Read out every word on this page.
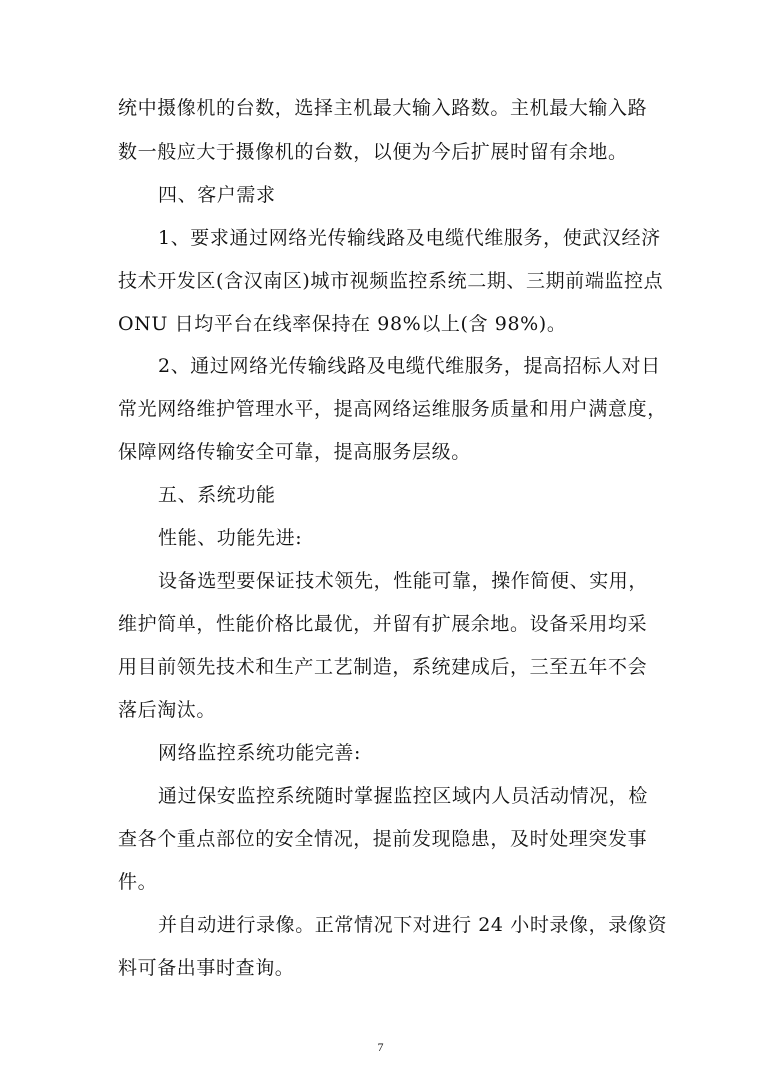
统中摄像机的台数，选择主机最大输入路数。主机最大输入路
数一般应大于摄像机的台数，以便为今后扩展时留有余地。
四、客户需求
1、要求通过网络光传输线路及电缆代维服务，使武汉经济
技术开发区(含汉南区)城市视频监控系统二期、三期前端监控点
ONU 日均平台在线率保持在 98%以上(含 98%)。
2、通过网络光传输线路及电缆代维服务，提高招标人对日
常光网络维护管理水平，提高网络运维服务质量和用户满意度，
保障网络传输安全可靠，提高服务层级。
五、系统功能
性能、功能先进:
设备选型要保证技术领先，性能可靠，操作简便、实用，
维护简单，性能价格比最优，并留有扩展余地。设备采用均采
用目前领先技术和生产工艺制造，系统建成后，三至五年不会
落后淘汰。
网络监控系统功能完善:
通过保安监控系统随时掌握监控区域内人员活动情况，检
查各个重点部位的安全情况，提前发现隐患，及时处理突发事
件。
并自动进行录像。正常情况下对进行 24 小时录像，录像资
料可备出事时查询。
7
